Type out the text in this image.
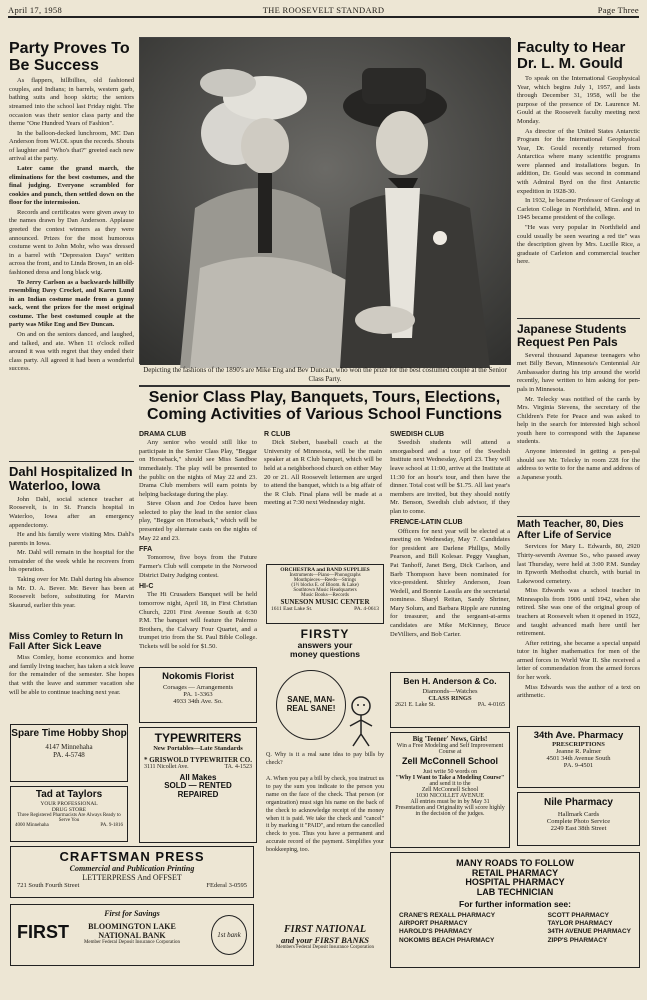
April 17, 1958	THE ROOSEVELT STANDARD	Page Three
Party Proves To Be Success

As flappers, hillbillies, old fashioned couples, and Indians; in barrels, western garb, bathing suits and hoop skirts; the seniors streamed into the school last Friday night. The occasion was their senior class party and the theme "One Hundred Years of Fashion".

In the balloon-decked lunchroom, MC Dan Anderson from WLOL spun the records. Shouts of laughter and "Who's that?" greeted each new arrival at the party.

Later came the grand march, the eliminations for the best costumes, and the final judging. Everyone scrambled for cookies and punch, then settled down on the floor for the intermission.

Records and certificates were given away to the names drawn by Dan Anderson. Applause greeted the contest winners as they were announced. Prizes for the most humorous costume went to John Mohr, who was dressed in a barrel with "Depression Days" written across the front, and to Linda Brown, in an old-fashioned dress and long black wig.

To Jerry Carlson as a backwards hillbilly resembling Davy Crocket, and Karen Lund in an Indian costume made from a gunny sack, went the prizes for the most original costume. The best costumed couple at the party was Mike Eng and Bev Duncan.

On and on the seniors danced, and laughed, and talked, and ate. When 11 o'clock rolled around it was with regret that they ended their class party. All agreed it had been a wonderful success.

Dahl Hospitalized In Waterloo, Iowa

John Dahl, social science teacher at Roosevelt, is in St. Francis hospital in Waterloo, Iowa after an emergency appendectomy.

He and his family were visiting Mrs. Dahl's parents in Iowa.

Mr. Dahl will remain in the hospital for the remainder of the week while he recovers from his operation.

Taking over for Mr. Dahl during his absence is Mr. D. A. Bever. Mr. Bever has been at Roosevelt before, substituting for Marvin Skaurud, earlier this year.

Miss Comley to Return In Fall After Sick Leave

Miss Comley, home economics and home and family living teacher, has taken a sick leave for the remainder of the semester. She hopes that with the leave and summer vacation she will be able to continue teaching next year.

Spare Time Hobby Shop
4147 Minnehaha
PA. 4-5748
Tad at Taylors
YOUR PROFESSIONAL
DRUG STORE
Three Registered Pharmacists Are Always Ready to Serve You
4000 Minnehaha	PA. 9-1816
CRAFTSMAN PRESS
Commercial and Publication Printing
LETTERPRESS And OFFSET
721 South Fourth Street	FEderal 3-0595
First for Savings
FIRST	BLOOMINGTON LAKE
NATIONAL BANK
Member Federal Deposit Insurance Corporation
1st bank
Depicting the fashions of the 1890's are Mike Eng and Bev Duncan, who won the prize for the best costumed couple at the Senior Class Party.
Senior Class Play, Banquets, Tours, Elections, Coming Activities of Various School Functions
DRAMA CLUB

Any senior who would still like to participate in the Senior Class Play, "Beggar on Horseback," should see Miss Sandboe immediately. The play will be presented to the public on the nights of May 22 and 23. Drama Club members will earn points by helping backstage during the play.

Steve Olson and Joe Ordos have been selected to play the lead in the senior class play, "Beggar on Horseback," which will be presented by alternate casts on the nights of May 22 and 23.

FFA

Tomorrow, five boys from the Future Farmer's Club will compete in the Norwood District Dairy Judging contest.

HI-C

The Hi Crusaders Banquet will be held tomorrow night, April 18, in First Christian Church, 2201 First Avenue South at 6:30 P.M. The banquet will feature the Palermo Brothers, the Calvary Four Quartet, and a trumpet trio from the St. Paul Bible College. Tickets will be sold for $1.50.

R CLUB

Dick Siebert, baseball coach at the University of Minnesota, will be the main speaker at an R Club banquet, which will be held at a neighborhood church on either May 20 or 21. All Roosevelt lettermen are urged to attend the banquet, which is a big affair of the R Club. Final plans will be made at a meeting at 7:30 next Wednesday night.

SWEDISH CLUB

Swedish students will attend a smorgasbord and a tour of the Swedish Institute next Wednesday, April 23. They will leave school at 11:00, arrive at the Institute at 11:30 for an hour's tour, and then have the dinner. Total cost will be $1.75. All last year's members are invited, but they should notify Mr. Benson, Swedish club advisor, if they plan to come.

FRENCE-LATIN CLUB

Officers for next year will be elected at a meeting on Wednesday, May 7. Candidates for president are Darlene Phillips, Molly Pearson, and Bill Kolesar. Peggy Vaughan, Pat Tanhoff, Janet Berg, Dick Carlson, and Barb Thompson have been nominated for vice-president. Shirley Anderson, Joan Wedell, and Bonnie Lassila are the secretarial nominess. Sharyl Reitan, Sandy Shriner, Mary Solum, and Barbara Ripple are running for treasurer, and the sergeant-at-arms candidates are Mike McKinney, Bruce DeVilliers, and Bob Carter.

ORCHESTRA and BAND SUPPLIES
Instruments—Piano—Phonographs
Mouthpieces—Reeds—Strings
(1½ blocks E. of Bloom. & Lake)
Southtown Music Headquarters
Music Books—Records
SUNESON MUSIC CENTER
1611 East Lake St.	PA. 4-0613
Nokomis Florist
Corsages — Arrangements
PA. 1-3363
4933 34th Ave. So.
TYPEWRITERS
New Portables—Late Standards
* GRISWOLD TYPEWRITER CO.
3111 Nicollet Ave.	TA. 4-1523
All Makes
SOLD — RENTED
REPAIRED
FIRSTY
answers your
money questions
SANE, MAN- REAL SANE!
Q. Why is it a real sane idea to pay bills by check?
A. When you pay a bill by check, you instruct us to pay the sum you indicate to the person you name on the face of the check. That person (or organization) must sign his name on the back of the check to acknowledge receipt of the money when it is paid. We take the check and "cancel" it by marking it "PAID", and return the cancelled check to you. Thus you have a permanent and accurate record of the payment. Simplifies your bookkeeping, too.
FIRST NATIONAL
and your FIRST BANKS
Members Federal Deposit Insurance Corporation
Ben H. Anderson & Co.
Diamonds—Watches
CLASS RINGS
2621 E. Lake St.	PA. 4-0165
Big 'Teener' News, Girls!
Win a Free Modeling and Self Improvement Course at
Zell McConnell School
Just write 50 words on
"Why I Want to Take a Modeling Course"
and send it to the
Zell McConnell School
1030 NICOLLET AVENUE
All entries must be in by May 31
Presentation and Originality will score highly in the decision of the judges.
Faculty to Hear Dr. L. M. Gould

To speak on the International Geophysical Year, which begins July 1, 1957, and lasts through December 31, 1958, will be the purpose of the presence of Dr. Laurence M. Gould at the Roosevelt faculty meeting next Monday.

As director of the United States Antarctic Program for the International Geophysical Year, Dr. Gould recently returned from Antarctica where many scientific programs were planned and installations begun. In addition, Dr. Gould was second in command with Admiral Byrd on the first Antarctic expedition in 1928-30.

In 1932, he became Professor of Geology at Carleton College in Northfield, Minn. and in 1945 became president of the college.

"He was very popular in Northfield and could usually be seen wearing a red tie" was the description given by Mrs. Lucille Rice, a graduate of Carleton and commercial teacher here.

Japanese Students Request Pen Pals

Several thousand Japanese teenagers who met Billy Bevan, Minnesota's Centennial Air Ambassador during his trip around the world recently, have written to him asking for pen-pals in Minnesota.

Mr. Telecky was notified of the cards by Mrs. Virginia Stevens, the secretary of the Children's Fete for Peace and was asked to help in the search for interested high school youth here to correspond with the Japanese students.

Anyone interested in getting a pen-pal should see Mr. Telecky in room 228 for the address to write to for the name and address of a Japanese youth.

Math Teacher, 80, Dies After Life of Service

Services for Mary L. Edwards, 80, 2920 Thirty-seventh Avenue So., who passed away last Thursday, were held at 3:00 P.M. Sunday in Epworth Methodist church, with burial in Lakewood cemetery.

Miss Edwards was a school teacher in Minneapolis from 1906 until 1942, when she retired. She was one of the original group of teachers at Roosevelt when it opened in 1922, and taught advanced math here until her retirement.

After retiring, she became a special unpaid tutor in higher mathematics for men of the armed forces in World War II. She received a letter of commendation from the armed forces for her work.

Miss Edwards was the author of a text on arithmetic.

34th Ave. Pharmacy
PRESCRIPTIONS
Jeanne R. Palmer
4501 34th Avenue South
PA. 9-4501
Nile Pharmacy
Hallmark Cards
Complete Photo Service
2249 East 38th Street
MANY ROADS TO FOLLOW
RETAIL PHARMACY
HOSPITAL PHARMACY
LAB TECHNICIAN
For further information see:
CRANE'S REXALL PHARMACY
AIRPORT PHARMACY
HAROLD'S PHARMACY
NOKOMIS BEACH PHARMACY
SCOTT PHARMACY
TAYLOR PHARMACY
34TH AVENUE PHARMACY
ZIPP'S PHARMACY
